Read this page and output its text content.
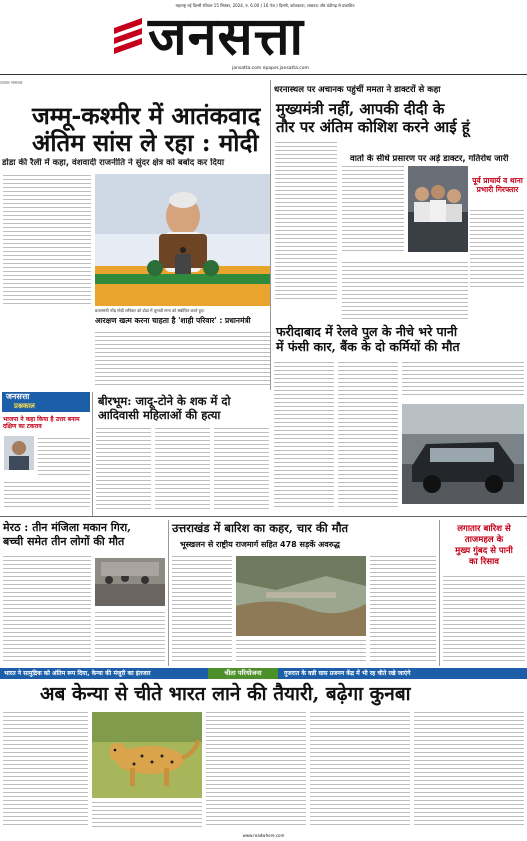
महाराष्ट्र नई दिल्ली रविवार 15 सितंबर, 2024, रु. 6.00 ( 16 पेज ) दिल्ली, कोलकाता, लखनऊ और चंडीगढ़ से प्रकाशित
जनसत्ता
jansatta.com epaper.jansatta.com
व्यापार समाचार
जम्मू-कश्मीर में आतंकवाद
अंतिम सांस ले रहा : मोदी
डोडा की रैली में कहा, वंशवादी राजनीति ने सुंदर क्षेत्र को बर्बाद कर दिया
प्रधानमंत्री नरेंद्र मोदी शनिवार को डोडा में चुनावी सभा को संबोधित करते हुए।
आरक्षण खत्म करना चाहता है 'शाही परिवार' : प्रधानमंत्री
धरनास्थल पर अचानक पहुंचीं ममता ने डाक्टरों से कहा
मुख्यमंत्री नहीं, आपकी दीदी के
तौर पर अंतिम कोशिश करने आई हूं
वार्ता के सीधे प्रसारण पर अड़े डाक्टर, गतिरोध जारी
पूर्व प्राचार्य व थाना प्रभारी गिरफ्तार
फरीदाबाद में रेलवे पुल के नीचे भरे पानी
में फंसी कार, बैंक के दो कर्मियों की मौत
जनसत्ता
प्रश्नकाल
भाजपा ने कहा किया है उत्तर बनाम दक्षिण का टकराव
बीरभूम: जादू-टोने के शक में दो
आदिवासी महिलाओं की हत्या
मेरठ : तीन मंजिला मकान गिरा,
बच्ची समेत तीन लोगों की मौत
उत्तराखंड में बारिश का कहर, चार की मौत
भूस्खलन से राष्ट्रीय राजमार्ग सहित 478 सड़कें अवरुद्ध
लगातार बारिश से
ताजमहल के
मुख्य गुंबद से पानी
का रिसाव
भारत ने सामुद्रिक को अंतिम रूप दिया, केन्या की मंजूरी का इंतजार	चीता परियोजना	गुजरात के वन्नी घास प्रजनन केंद्र में भी रह चीते रखे जाएंगे
अब केन्या से चीते भारत लाने की तैयारी, बढ़ेगा कुनबा
www.readwhere.com
